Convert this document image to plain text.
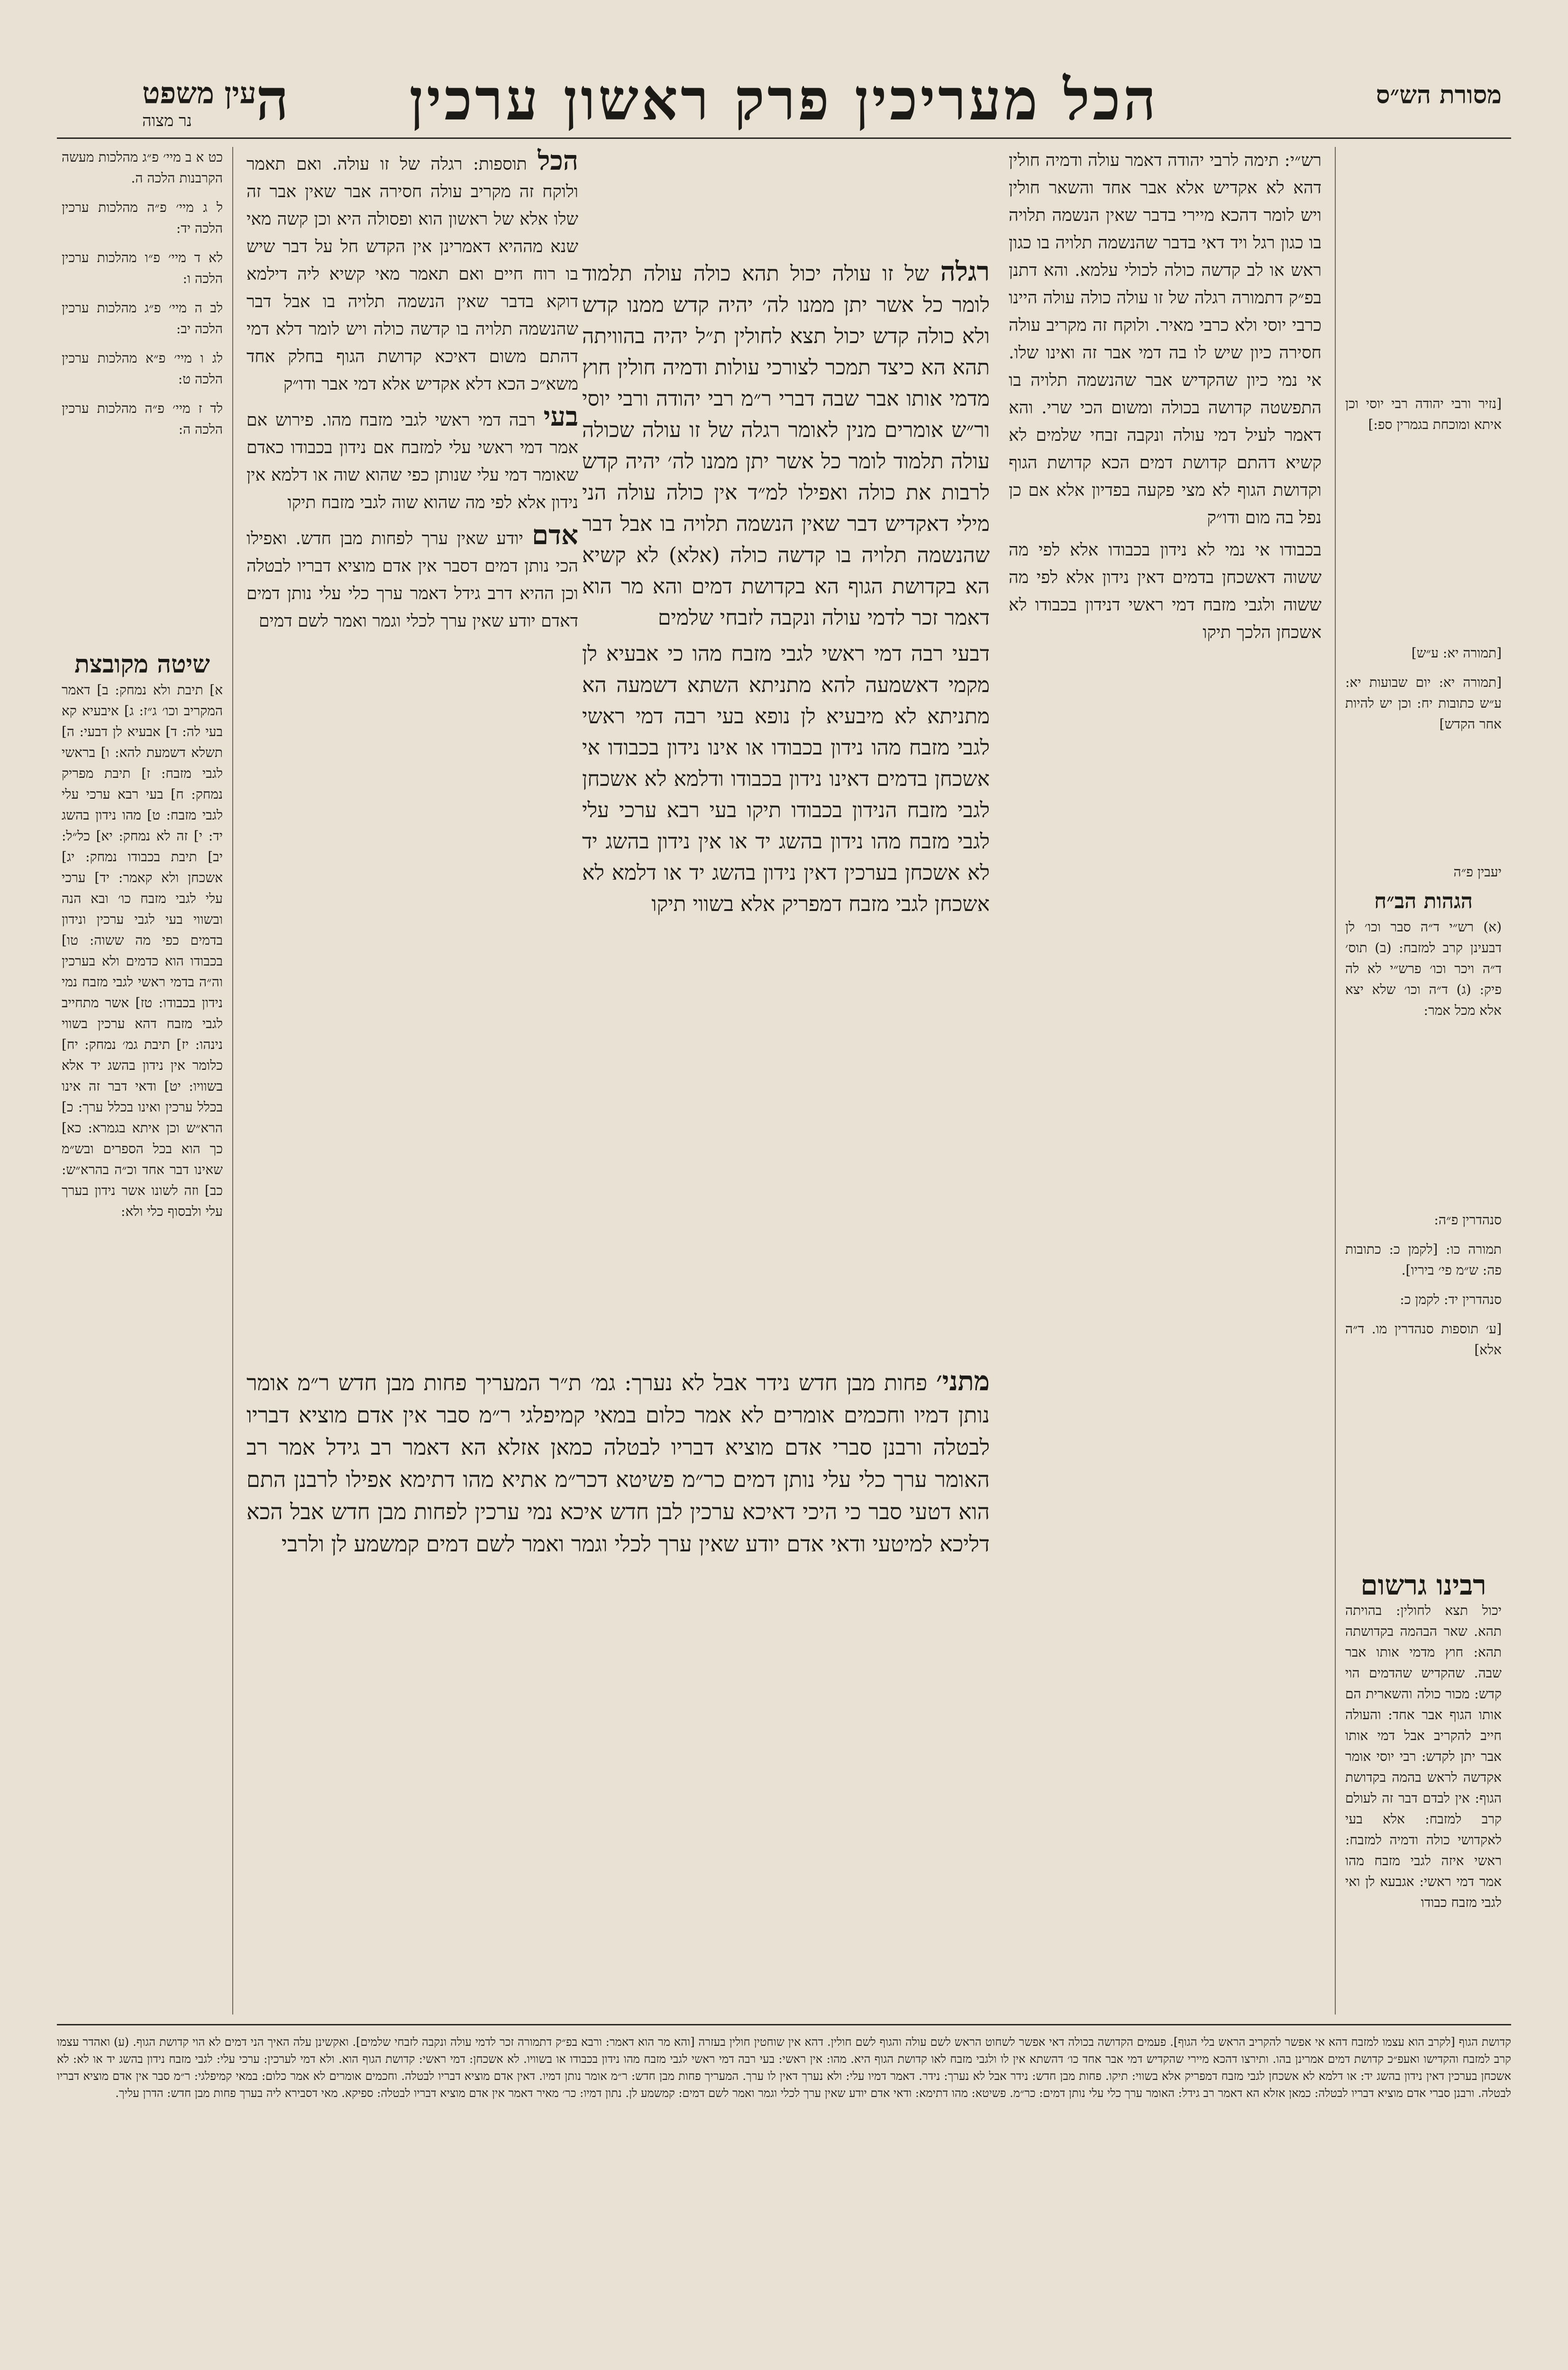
מסורת הש״ס
הכל מעריכין פרק ראשון ערכין
ה
עין משפט
נר מצוה
[נזיר ורבי יהודה רבי יוסי וכן איתא ומוכחת בגמרין ספ:]
[תמורה יא: ע״ש]
[תמורה יא: יום שבועות יא: ע״ש כתובות יח: וכן יש להיות אחר הקדש]
יעבין פ״ה
הגהות הב״ח
(א) רש״י ד״ה סבר וכו׳ לן דבעינן קרב למזבח: (ב) תוס׳ ד״ה ויכר וכו׳ פרש״י לא לה פיק: (ג) ד״ה וכו׳ שלא יצא אלא מכל אמר:
סנהדרין פ״ה:
תמורה כו: [לקמן כ: כתובות פה: ש״מ פי׳ ביריו].
סנהדרין יד: לקמן כ:
[ע׳ תוספות סנהדרין מו. ד״ה אלא]
רבינו גרשום
יכול תצא לחולין: בהויתה תהא. שאר הבהמה בקדושתה תהא: חוץ מדמי אותו אבר שבה. שהקדיש שהדמים הוי קדש: מכור כולה והשארית הם אותו הגוף אבר אחד: והעולה חייב להקריב אבל דמי אותו אבר יתן לקדש: רבי יוסי אומר אקדשה לראש בהמה בקדושת הגוף: אין לבדם דבר זה לעולם קרב למזבח: אלא בעי לאקדושי כולה ודמיה למזבח: ראשי איזה לגבי מזבח מהו אמר דמי ראשי: אגבעא לן ואי לגבי מזבח כבודו

רש״י: תימה לרבי יהודה דאמר עולה ודמיה חולין דהא לא אקדיש אלא אבר אחד והשאר חולין ויש לומר דהכא מיירי בדבר שאין הנשמה תלויה בו כגון רגל ויד דאי בדבר שהנשמה תלויה בו כגון ראש או לב קדשה כולה לכולי עלמא. והא דתנן בפ״ק דתמורה רגלה של זו עולה כולה עולה היינו כרבי יוסי ולא כרבי מאיר. ולוקח זה מקריב עולה חסירה כיון שיש לו בה דמי אבר זה ואינו שלו. אי נמי כיון שהקדיש אבר שהנשמה תלויה בו התפשטה קדושה בכולה ומשום הכי שרי. והא דאמר לעיל דמי עולה ונקבה זבחי שלמים לא קשיא דהתם קדושת דמים הכא קדושת הגוף וקדושת הגוף לא מצי פקעה בפדיון אלא אם כן נפל בה מום ודו״ק

בכבודו אי נמי לא נידון בכבודו אלא לפי מה ששוה דאשכחן בדמים דאין נידון אלא לפי מה ששוה ולגבי מזבח דמי ראשי דנידון בכבודו לא אשכחן הלכך תיקו

רגלה של זו עולה יכול תהא כולה עולה תלמוד לומר כל אשר יתן ממנו לה׳ יהיה קדש ממנו קדש ולא כולה קדש יכול תצא לחולין ת״ל יהיה בהוויתה תהא הא כיצד תמכר לצורכי עולות ודמיה חולין חוץ מדמי אותו אבר שבה דברי ר״מ רבי יהודה ורבי יוסי ור״ש אומרים מנין לאומר רגלה של זו עולה שכולה עולה תלמוד לומר כל אשר יתן ממנו לה׳ יהיה קדש לרבות את כולה ואפילו למ״ד אין כולה עולה הני מילי דאקדיש דבר שאין הנשמה תלויה בו אבל דבר שהנשמה תלויה בו קדשה כולה (אלא) לא קשיא הא בקדושת הגוף הא בקדושת דמים והא מר הוא דאמר זכר לדמי עולה ונקבה לזבחי שלמים

דבעי רבה דמי ראשי לגבי מזבח מהו כי אבעיא לן מקמי דאשמעה להא מתניתא השתא דשמעה הא מתניתא לא מיבעיא לן נופא בעי רבה דמי ראשי לגבי מזבח מהו נידון בכבודו או אינו נידון בכבודו אי אשכחן בדמים דאינו נידון בכבודו ודלמא לא אשכחן לגבי מזבח הנידון בכבודו תיקו בעי רבא ערכי עלי לגבי מזבח מהו נידון בהשג יד או אין נידון בהשג יד לא אשכחן בערכין דאין נידון בהשג יד או דלמא לא אשכחן לגבי מזבח דמפריק אלא בשווי תיקו

הכל תוספות: רגלה של זו עולה. ואם תאמר ולוקח זה מקריב עולה חסירה אבר שאין אבר זה שלו אלא של ראשון הוא ופסולה היא וכן קשה מאי שנא מההיא דאמרינן אין הקדש חל על דבר שיש בו רוח חיים ואם תאמר מאי קשיא ליה דילמא דוקא בדבר שאין הנשמה תלויה בו אבל דבר שהנשמה תלויה בו קדשה כולה ויש לומר דלא דמי דהתם משום דאיכא קדושת הגוף בחלק אחד משא״כ הכא דלא אקדיש אלא דמי אבר ודו״ק

בעי רבה דמי ראשי לגבי מזבח מהו. פירוש אם אמר דמי ראשי עלי למזבח אם נידון בכבודו כאדם שאומר דמי עלי שנותן כפי שהוא שוה או דלמא אין נידון אלא לפי מה שהוא שוה לגבי מזבח תיקו

אדם יודע שאין ערך לפחות מבן חדש. ואפילו הכי נותן דמים דסבר אין אדם מוציא דבריו לבטלה וכן ההיא דרב גידל דאמר ערך כלי עלי נותן דמים דאדם יודע שאין ערך לכלי וגמר ואמר לשם דמים

מתני׳ פחות מבן חדש נידר אבל לא נערך: גמ׳ ת״ר המעריך פחות מבן חדש ר״מ אומר נותן דמיו וחכמים אומרים לא אמר כלום במאי קמיפלגי ר״מ סבר אין אדם מוציא דבריו לבטלה ורבנן סברי אדם מוציא דבריו לבטלה כמאן אזלא הא דאמר רב גידל אמר רב האומר ערך כלי עלי נותן דמים כר״מ פשיטא דכר״מ אתיא מהו דתימא אפילו לרבנן התם הוא דטעי סבר כי היכי דאיכא ערכין לבן חדש איכא נמי ערכין לפחות מבן חדש אבל הכא דליכא למיטעי ודאי אדם יודע שאין ערך לכלי וגמר ואמר לשם דמים קמשמע לן ולרבי

כט א ב מיי׳ פ״ג מהלכות מעשה הקרבנות הלכה ה.
ל ג מיי׳ פ״ה מהלכות ערכין הלכה יד:
לא ד מיי׳ פ״ו מהלכות ערכין הלכה ו:
לב ה מיי׳ פ״ג מהלכות ערכין הלכה יב:
לג ו מיי׳ פ״א מהלכות ערכין הלכה ט:
לד ז מיי׳ פ״ה מהלכות ערכין הלכה ה:
שיטה מקובצת
א] תיבת ולא נמחק: ב] דאמר המקריב וכו׳ ג״ז: ג] איבעיא קא בעי לה: ד] אבעיא לן דבעי: ה] תשלא דשמעת להא: ו] בראשי לגבי מזבח: ז] תיבת מפריק נמחק: ח] בעי רבא ערכי עלי לגבי מזבח: ט] מהו נידון בהשג יד: י] זה לא נמחק: יא] כל״ל: יב] תיבת בכבודו נמחק: יג] אשכחן ולא קאמר: יד] ערכי עלי לגבי מזבח כו׳ ובא הנה ובשווי בעי לגבי ערכין ונידון בדמים כפי מה ששוה: טו] בכבודו הוא כדמים ולא בערכין וה״ה בדמי ראשי לגבי מזבח נמי נידון בכבודו: טז] אשר מתחייב לגבי מזבח דהא ערכין בשווי נינהו: יז] תיבת גמ׳ נמחק: יח] כלומר אין נידון בהשג יד אלא בשוויו: יט] ודאי דבר זה אינו בכלל ערכין ואינו בכלל ערך: כ] הרא״ש וכן איתא בגמרא: כא] כך הוא בכל הספרים ובש״מ שאינו דבר אחד וכ״ה בהרא״ש: כב] וזה לשונו אשר נידון בערך עלי ולבסוף כלי ולא:
קדושת הגוף [לקרב הוא עצמו למזבח דהא אי אפשר להקריב הראש בלי הגוף]. פעמים הקדושה בכולה דאי אפשר לשחוט הראש לשם עולה והגוף לשם חולין. דהא אין שוחטין חולין בעזרה [והא מר הוא דאמר: ורבא בפ״ק דתמורה זכר לדמי עולה ונקבה לזבחי שלמים]. ואקשינן עלה האיך הני דמים לא הוי קדושת הגוף. (ע) ואהדר עצמו קרב למזבח והקדישו ואעפ״כ קדושת דמים אמרינן בהו. ותירצו דהכא מיירי שהקדיש דמי אבר אחד כו׳ דהשתא אין לו ולגבי מזבח לאו קדושת הגוף היא. מהו: אין ראשי: בעי רבה דמי ראשי לגבי מזבח מהו נידון בכבודו או בשוויו. לא אשכחן: דמי ראשי: קדושת הגוף הוא. ולא דמי לערכין: ערכי עלי: לגבי מזבח נידון בהשג יד או לא: לא אשכחן בערכין דאין נידון בהשג יד: או דלמא לא אשכחן לגבי מזבח דמפריק אלא בשווי: תיקו. פחות מבן חדש: נידר אבל לא נערך: נידר. דאמר דמיו עלי: ולא נערך דאין לו ערך. המעריך פחות מבן חדש: ר״מ אומר נותן דמיו. דאין אדם מוציא דבריו לבטלה. וחכמים אומרים לא אמר כלום: במאי קמיפלגי: ר״מ סבר אין אדם מוציא דבריו לבטלה. ורבנן סברי אדם מוציא דבריו לבטלה: כמאן אזלא הא דאמר רב גידל: האומר ערך כלי עלי נותן דמים: כר״מ. פשיטא: מהו דתימא: ודאי אדם יודע שאין ערך לכלי וגמר ואמר לשם דמים: קמשמע לן. נתון דמיו: כר׳ מאיר דאמר אין אדם מוציא דבריו לבטלה: ספיקא. מאי דסבירא ליה בערך פחות מבן חדש: הדרן עליך.
